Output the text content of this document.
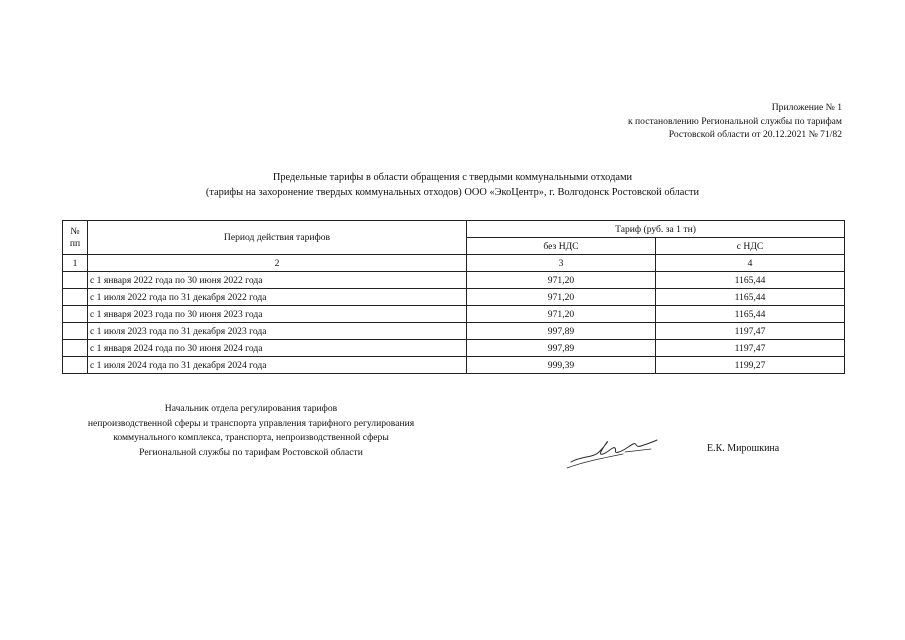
Приложение № 1
к постановлению Региональной службы по тарифам
Ростовской области от 20.12.2021 № 71/82
Предельные тарифы в области обращения с твердыми коммунальными отходами
(тарифы на захоронение твердых коммунальных отходов) ООО «ЭкоЦентр», г. Волгодонск Ростовской области
№
пп	Период действия тарифов	Тариф (руб. за 1 тн)	
		без НДС	с НДС
1	2	3	4
	с 1 января 2022 года по 30 июня 2022 года	971,20	1165,44
	с 1 июля 2022 года по 31 декабря 2022 года	971,20	1165,44
	с 1 января 2023 года по 30 июня 2023 года	971,20	1165,44
	с 1 июля 2023 года по 31 декабря 2023 года	997,89	1197,47
	с 1 января 2024 года по 30 июня 2024 года	997,89	1197,47
	с 1 июля 2024 года по 31 декабря 2024 года	999,39	1199,27
Начальник отдела регулирования тарифов
непроизводственной сферы и транспорта управления тарифного регулирования
коммунального комплекса, транспорта, непроизводственной сферы
Региональной службы по тарифам Ростовской области	Е.К. Мирошкина
